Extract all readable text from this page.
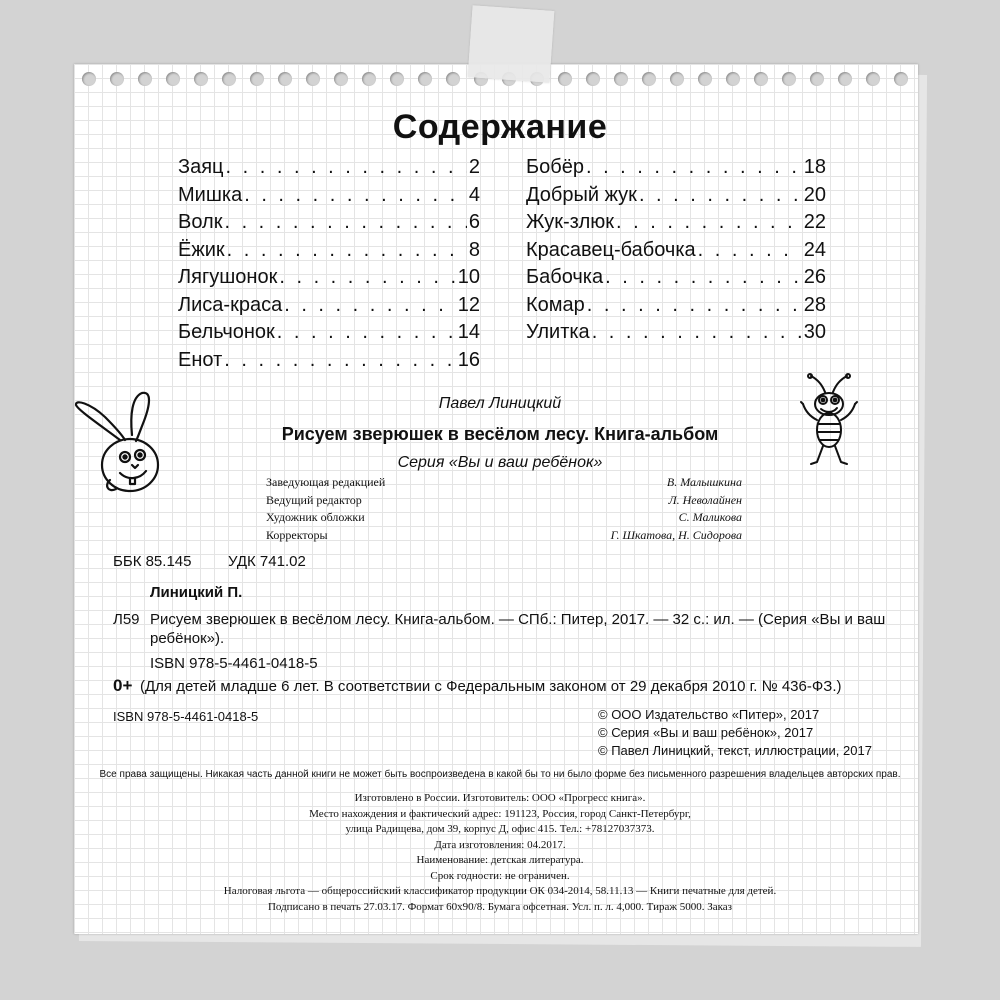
Содержание
Заяц . . .	2
Мишка . . .	4
Волк . . .	6
Ёжик . . .	8
Лягушонок . . .	10
Лиса-краса . . .	12
Бельчонок . . .	14
Енот . . .	16
Бобёр . . .	18
Добрый жук . . .	20
Жук-злюк . . .	22
Красавец-бабочка . . .	24
Бабочка . . .	26
Комар . . .	28
Улитка . . .	30
Павел Линицкий
Рисуем зверюшек в весёлом лесу. Книга-альбом
Серия «Вы и ваш ребёнок»
Заведующая редакцией	В. Малышкина
Ведущий редактор	Л. Неволайнен
Художник обложки	С. Маликова
Корректоры	Г. Шкатова, Н. Сидорова
ББК 85.145 УДК 741.02
Линицкий П.
Л59 Рисуем зверюшек в весёлом лесу. Книга-альбом. — СПб.: Питер, 2017. — 32 с.: ил. — (Серия «Вы и ваш
ребёнок»).
ISBN 978-5-4461-0418-5
0+ (Для детей младше 6 лет. В соответствии с Федеральным законом от 29 декабря 2010 г. № 436-ФЗ.)
ISBN 978-5-4461-0418-5	© ООО Издательство «Питер», 2017
© Серия «Вы и ваш ребёнок», 2017
© Павел Линицкий, текст, иллюстрации, 2017
Все права защищены. Никакая часть данной книги не может быть воспроизведена в какой бы то ни было форме без письменного разрешения владельцев авторских прав.
Изготовлено в России. Изготовитель: ООО «Прогресс книга».
Место нахождения и фактический адрес: 191123, Россия, город Санкт-Петербург,
улица Радищева, дом 39, корпус Д, офис 415. Тел.: +78127037373.
Дата изготовления: 04.2017.
Наименование: детская литература.
Срок годности: не ограничен.
Налоговая льгота — общероссийский классификатор продукции ОК 034-2014, 58.11.13 — Книги печатные для детей.
Подписано в печать 27.03.17. Формат 60х90/8. Бумага офсетная. Усл. п. л. 4,000. Тираж 5000. Заказ
